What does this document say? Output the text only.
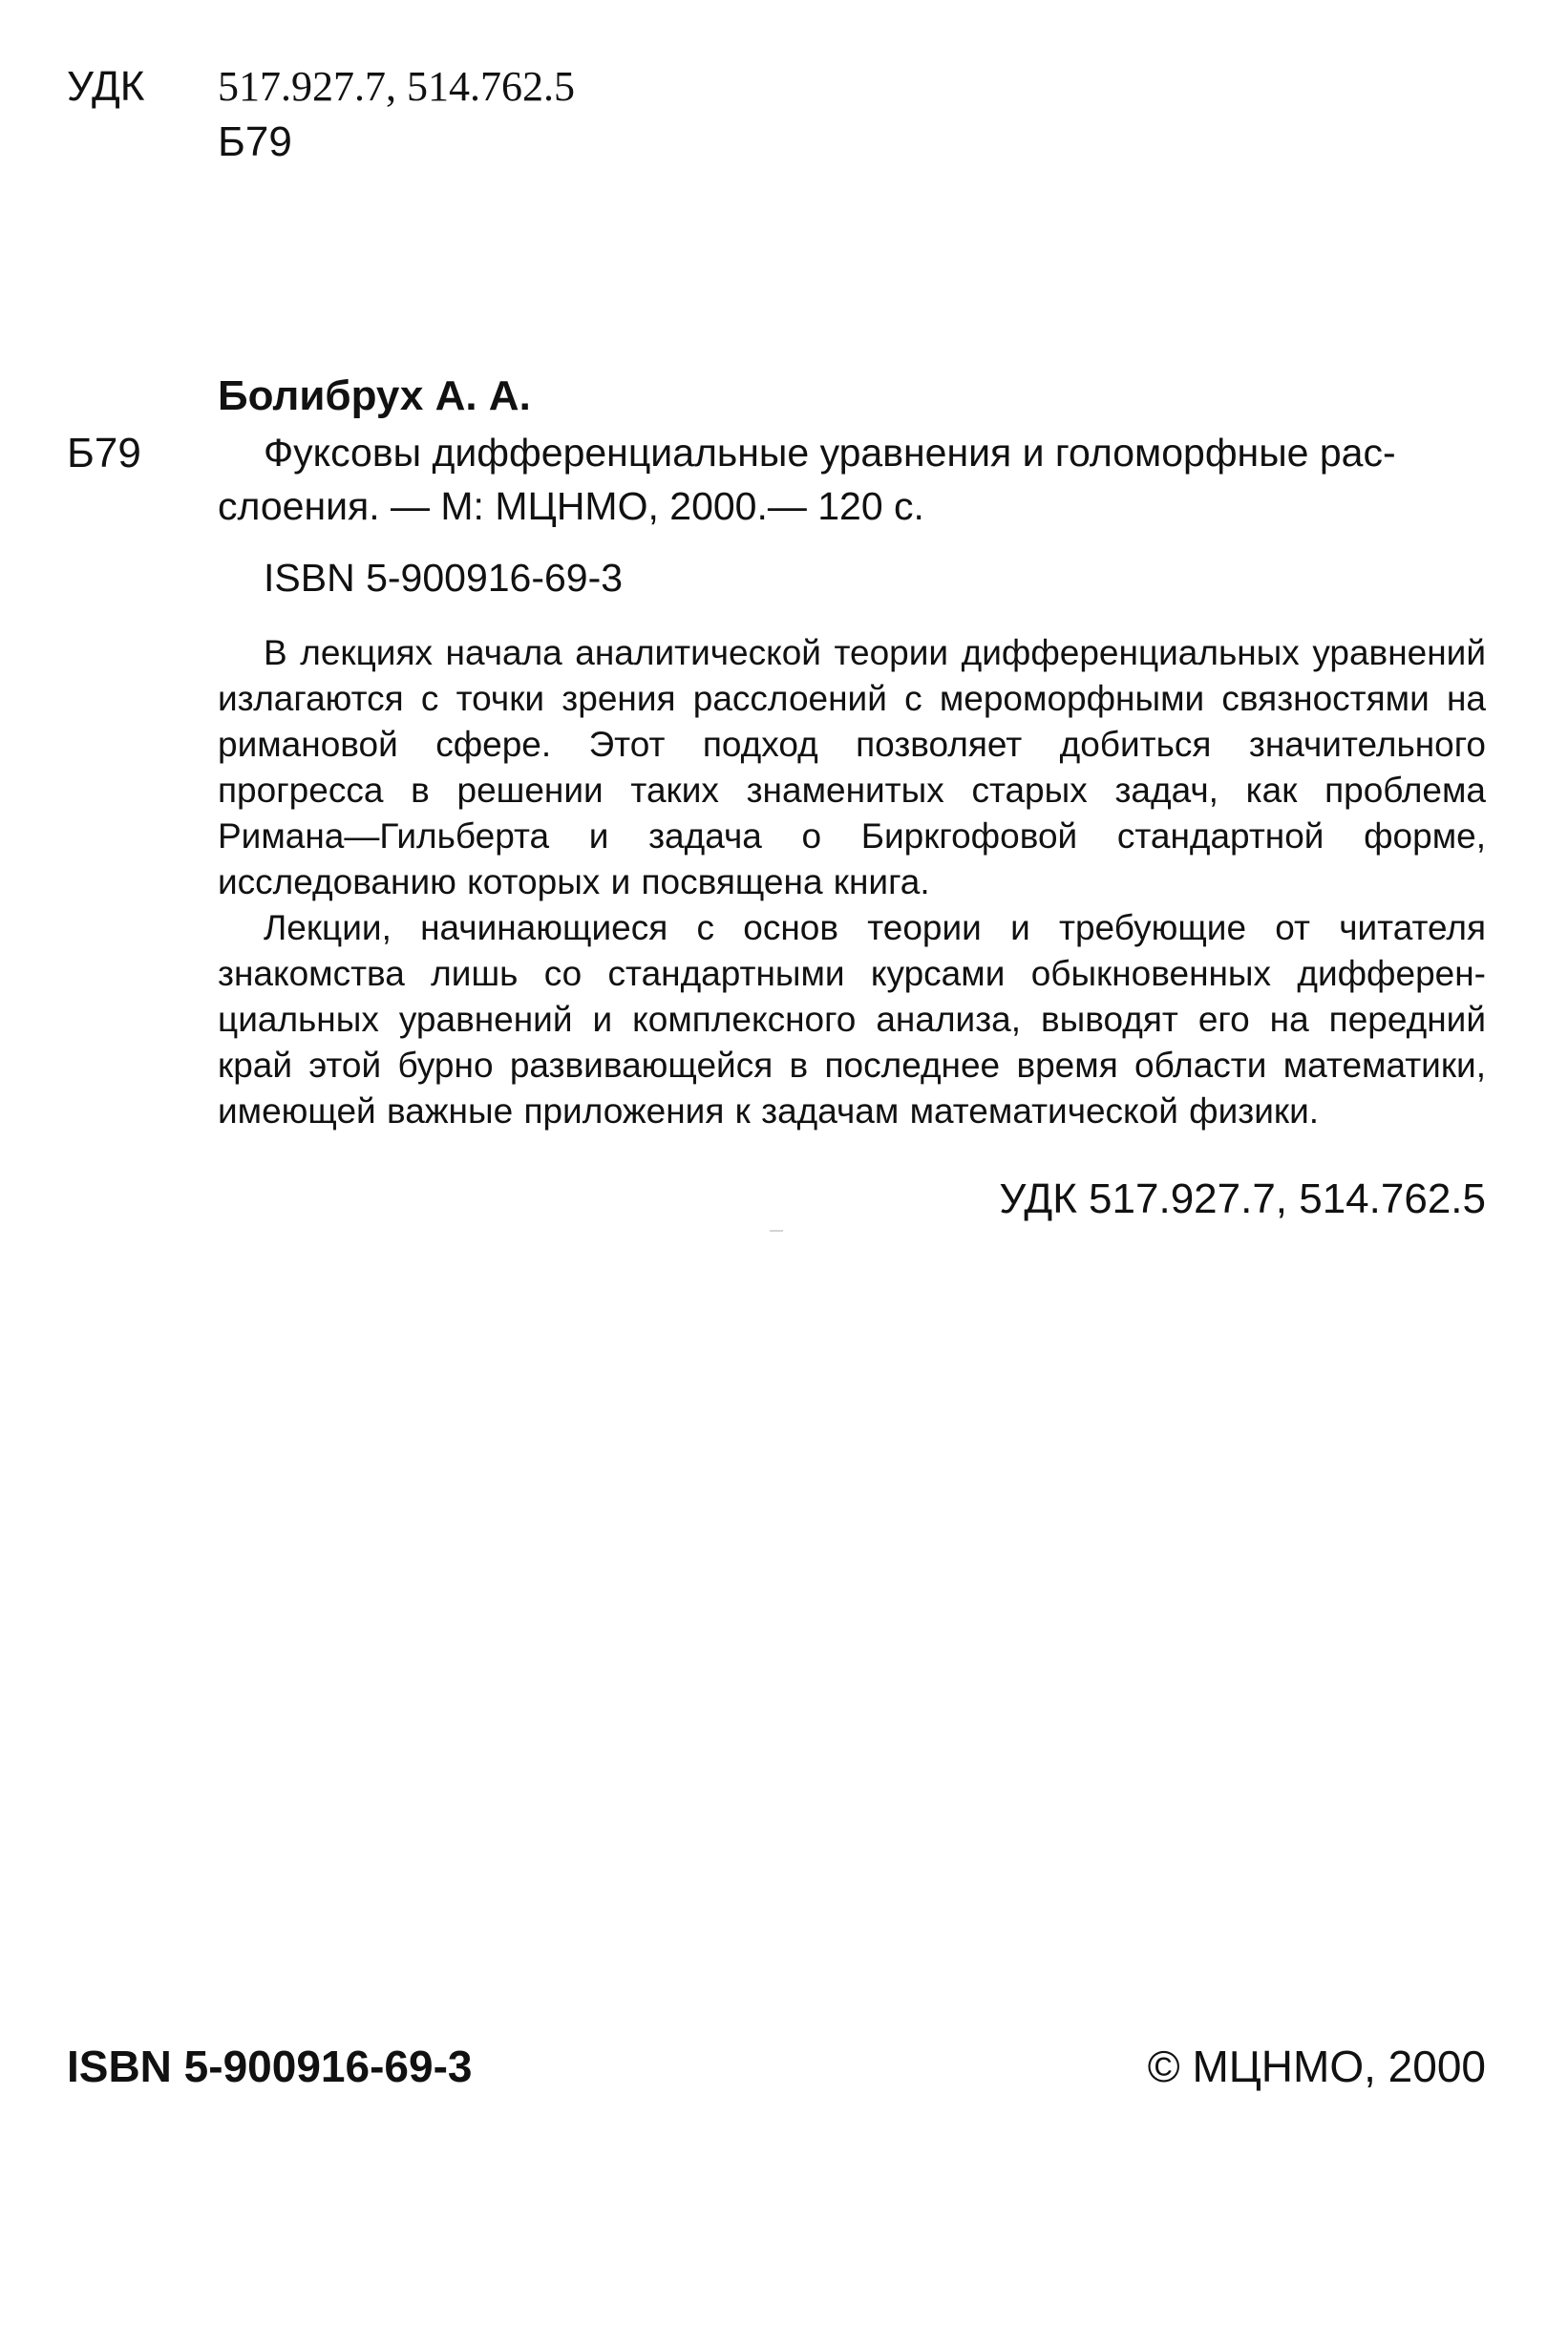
УДК 517.927.7, 514.762.5
Б79
Болибрух А. А.
Б79	Фуксовы дифференциальные уравнения и голоморфные рас-
слоения. — М: МЦНМО, 2000.— 120 с.
ISBN 5-900916-69-3

В лекциях начала аналитической теории дифференциальных уравнений излагаются с точки зрения расслоений с мероморфными связностями на римановой сфере. Этот подход позволяет добиться значительного прогресса в решении таких знаменитых старых задач, как проблема Римана—Гильберта и задача о Биркгофовой стандартной форме, исследованию которых и посвящена книга.

Лекции, начинающиеся с основ теории и требующие от читателя знакомства лишь со стандартными курсами обыкновенных дифференциальных уравнений и комплексного анализа, выводят его на передний край этой бурно развивающейся в последнее время области математики, имеющей важные приложения к задачам математической физики.

УДК 517.927.7, 514.762.5
ISBN 5-900916-69-3	© МЦНМО, 2000
